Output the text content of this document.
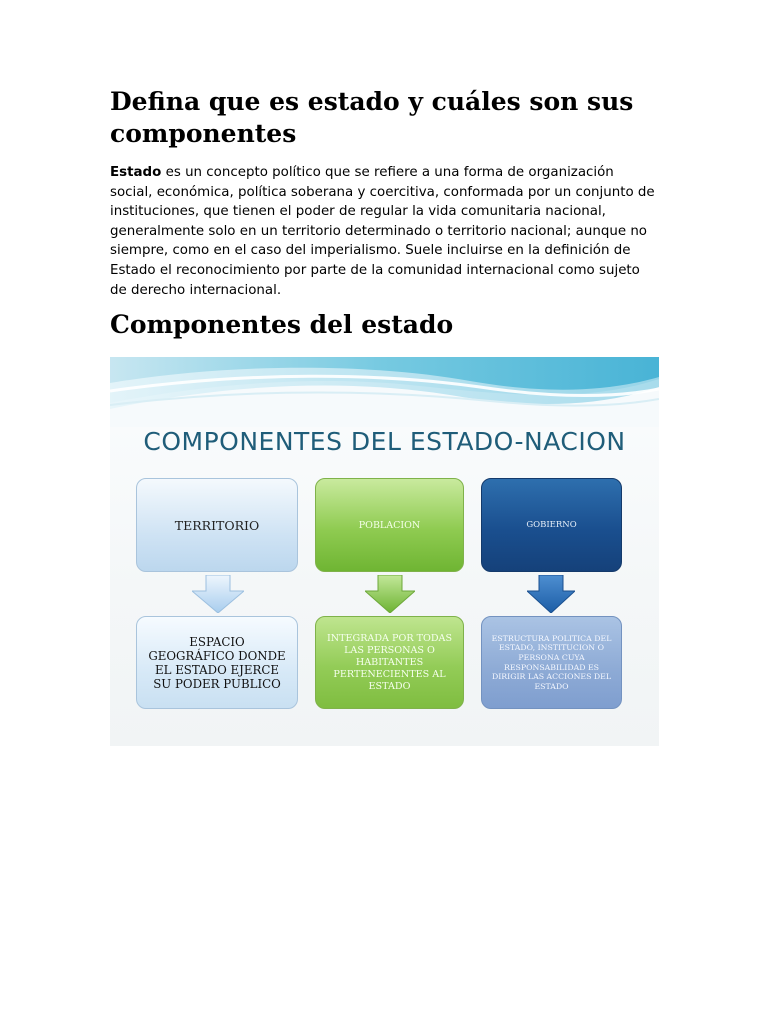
Defina que es estado y cuáles son sus componentes

Estado es un concepto político que se refiere a una forma de organización social, económica, política soberana y coercitiva, conformada por un conjunto de instituciones, que tienen el poder de regular la vida comunitaria nacional, generalmente solo en un territorio determinado o territorio nacional; aunque no siempre, como en el caso del imperialismo. Suele incluirse en la definición de Estado el reconocimiento por parte de la comunidad internacional como sujeto de derecho internacional.

Componentes del estado
COMPONENTES DEL ESTADO-NACION
TERRITORIO	POBLACION	GOBIERNO
ESPACIO GEOGRÁFICO DONDE EL ESTADO EJERCE SU PODER PUBLICO
INTEGRADA POR TODAS LAS PERSONAS O HABITANTES PERTENECIENTES AL ESTADO
ESTRUCTURA POLITICA DEL ESTADO, INSTITUCION O PERSONA CUYA RESPONSABILIDAD ES DIRIGIR LAS ACCIONES DEL ESTADO
